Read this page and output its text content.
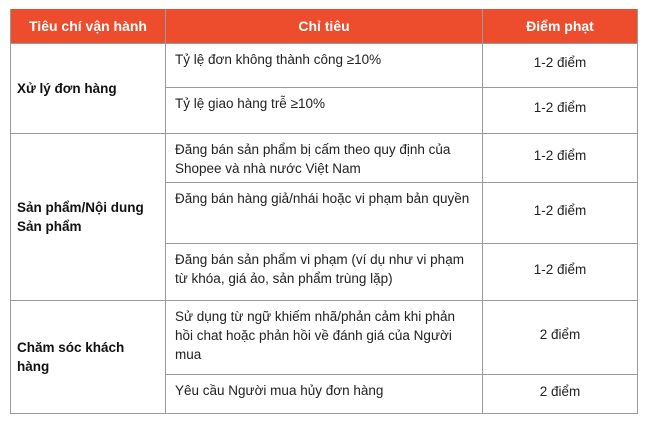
Tiêu chí vận hành	Chỉ tiêu	Điểm phạt
Xử lý đơn hàng	Tỷ lệ đơn không thành công ≥10%	1-2 điểm
	Tỷ lệ giao hàng trễ ≥10%	1-2 điểm
Sản phẩm/Nội dung Sản phẩm	Đăng bán sản phẩm bị cấm theo quy định của Shopee và nhà nước Việt Nam	1-2 điểm
	Đăng bán hàng giả/nhái hoặc vi phạm bản quyền	1-2 điểm
	Đăng bán sản phẩm vi phạm (ví dụ như vi phạm từ khóa, giá ảo, sản phẩm trùng lặp)	1-2 điểm
Chăm sóc khách hàng	Sử dụng từ ngữ khiếm nhã/phản cảm khi phản hồi chat hoặc phản hồi về đánh giá của Người mua	2 điểm
	Yêu cầu Người mua hủy đơn hàng	2 điểm
